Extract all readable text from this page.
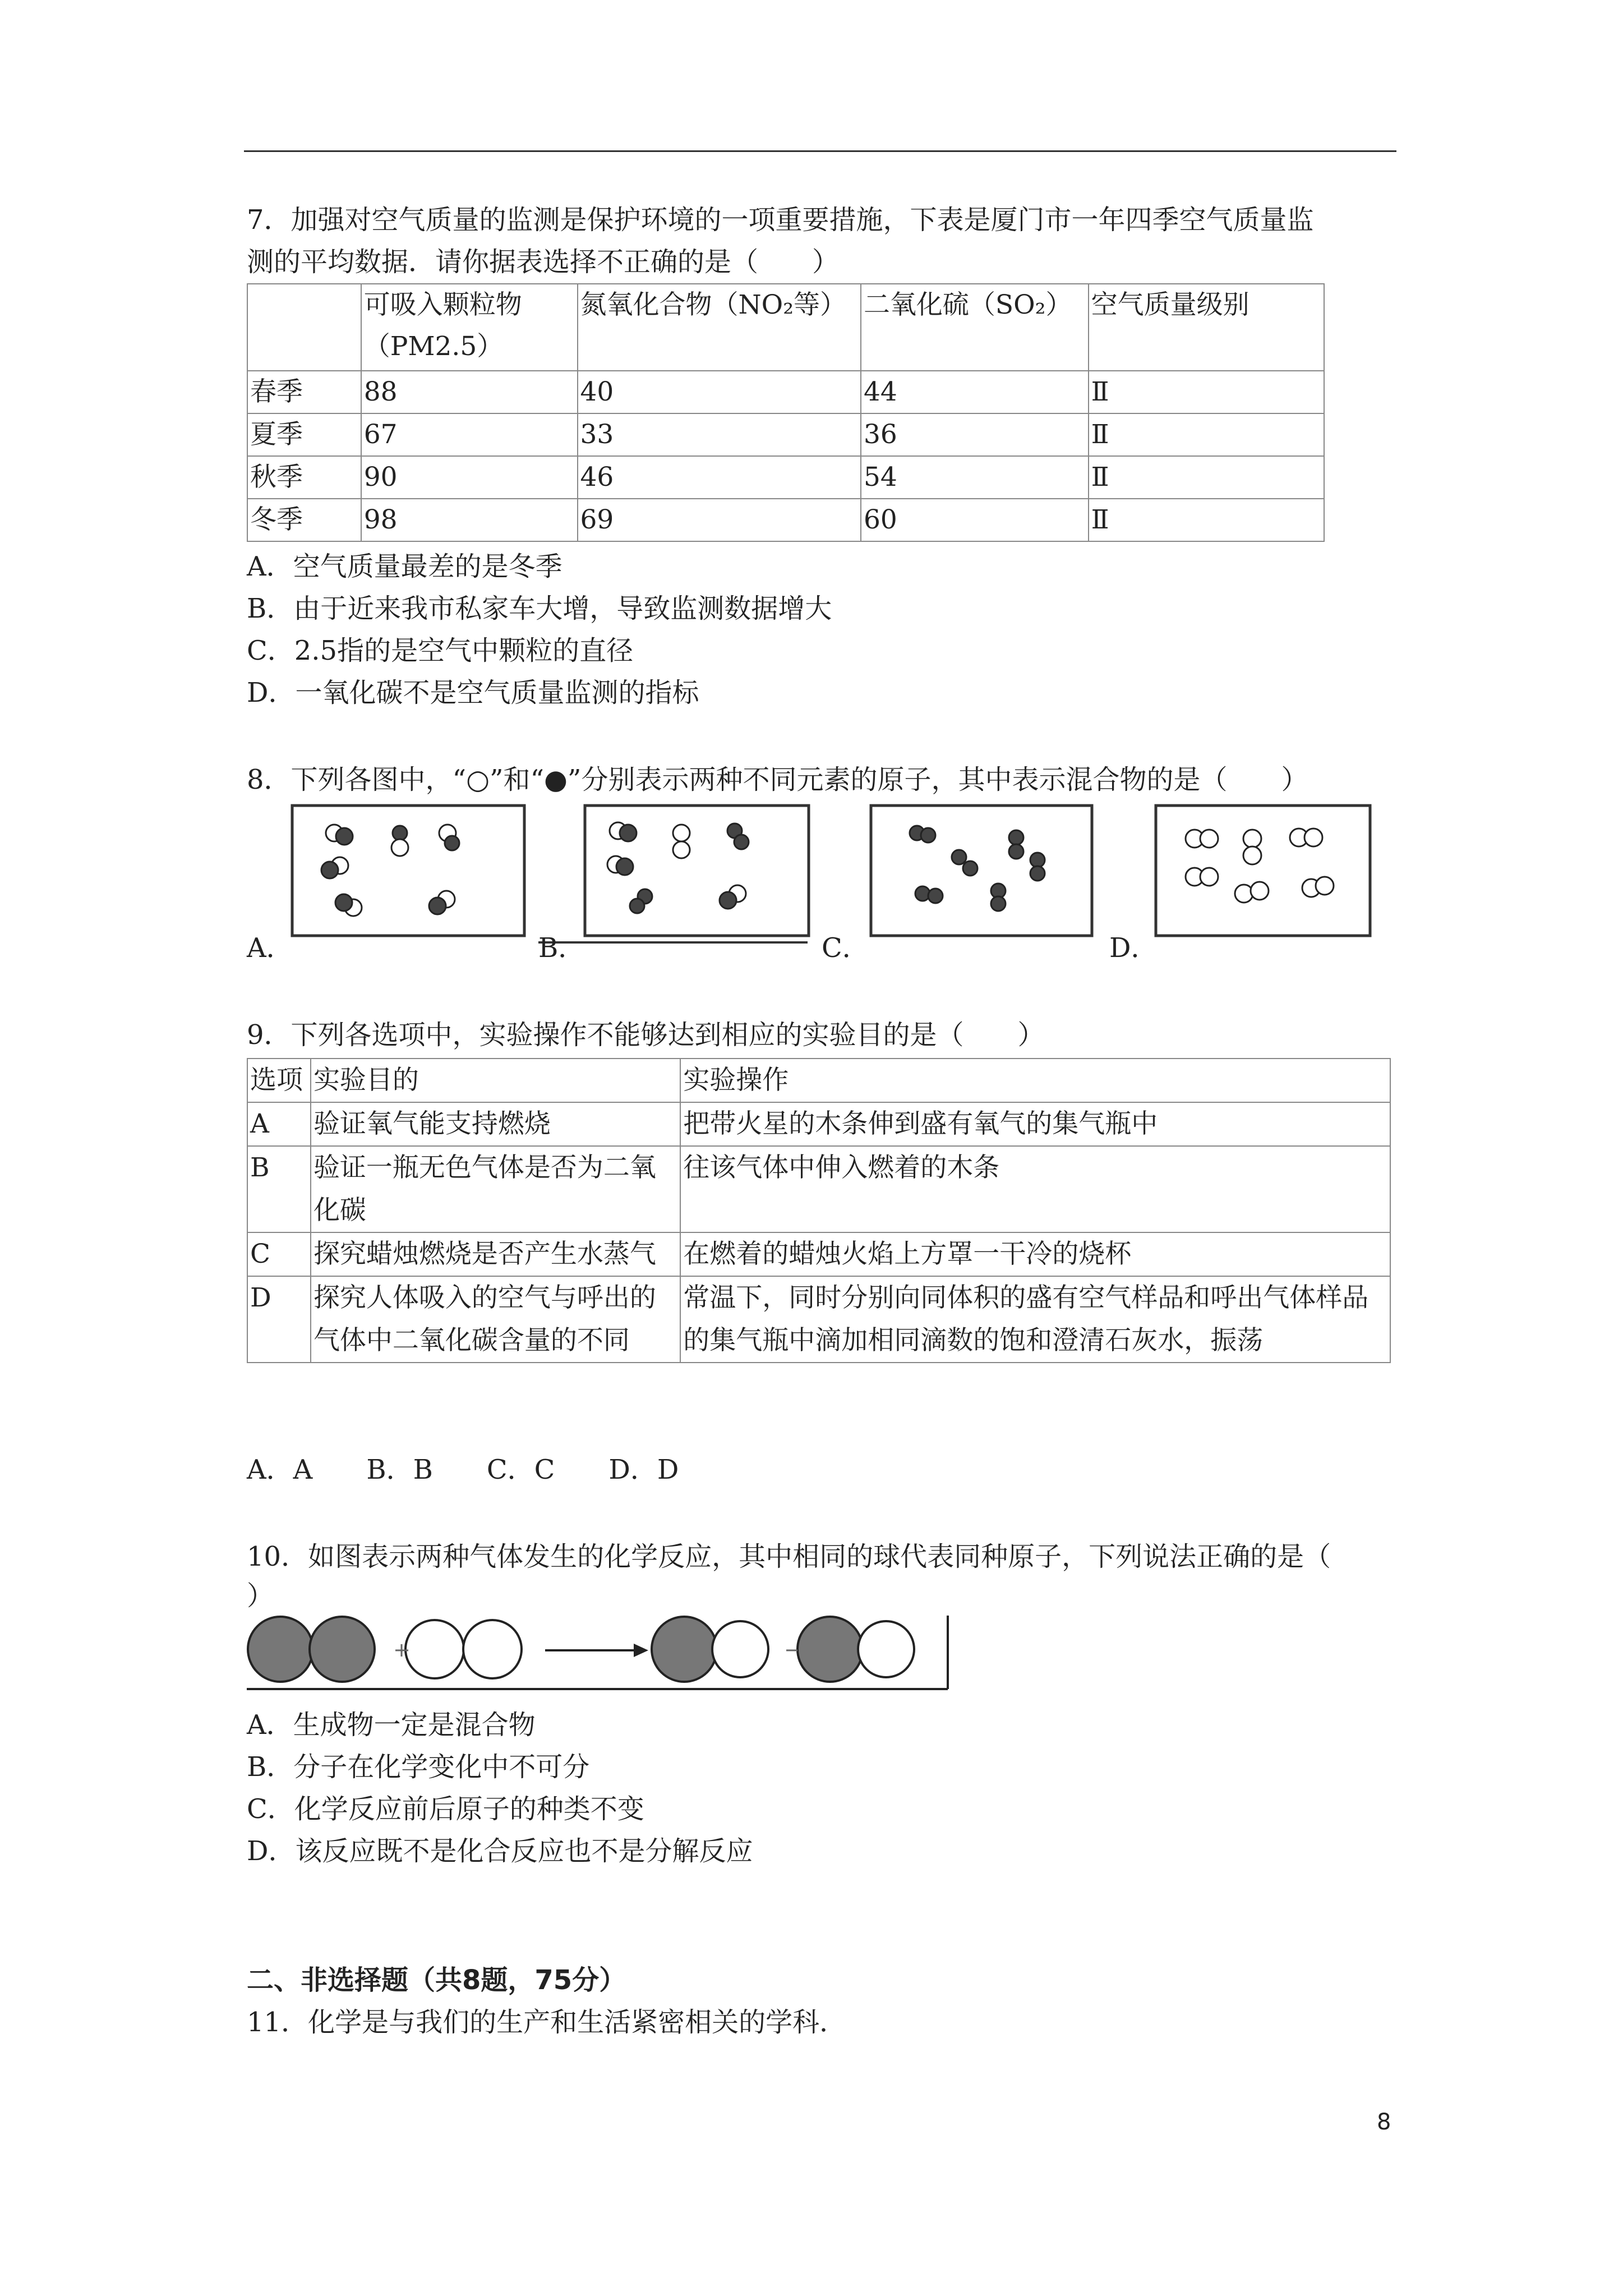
7．加强对空气质量的监测是保护环境的一项重要措施，下表是厦门市一年四季空气质量监
测的平均数据．请你据表选择不正确的是（　　）
	可吸入颗粒物（PM2.5）	氮氧化合物（NO₂等）	二氧化硫（SO₂）	空气质量级别
春季	88	40	44	Ⅱ
夏季	67	33	36	Ⅱ
秋季	90	46	54	Ⅱ
冬季	98	69	60	Ⅱ
A．空气质量最差的是冬季
B．由于近来我市私家车大增，导致监测数据增大
C．2.5指的是空气中颗粒的直径
D．一氧化碳不是空气质量监测的指标
8．下列各图中，“○”和“●”分别表示两种不同元素的原子，其中表示混合物的是（　　）
A．	B．	C．	D．
9．下列各选项中，实验操作不能够达到相应的实验目的是（　　）
选项	实验目的	实验操作
A	验证氧气能支持燃烧	把带火星的木条伸到盛有氧气的集气瓶中
B	验证一瓶无色气体是否为二氧化碳	往该气体中伸入燃着的木条
C	探究蜡烛燃烧是否产生水蒸气	在燃着的蜡烛火焰上方罩一干冷的烧杯
D	探究人体吸入的空气与呼出的气体中二氧化碳含量的不同	常温下，同时分别向同体积的盛有空气样品和呼出气体样品的集气瓶中滴加相同滴数的饱和澄清石灰水，振荡
A．A　　B．B　　C．C　　D．D
10．如图表示两种气体发生的化学反应，其中相同的球代表同种原子，下列说法正确的是（
）
A．生成物一定是混合物
B．分子在化学变化中不可分
C．化学反应前后原子的种类不变
D．该反应既不是化合反应也不是分解反应
二、非选择题（共8题，75分）
11．化学是与我们的生产和生活紧密相关的学科．
8
